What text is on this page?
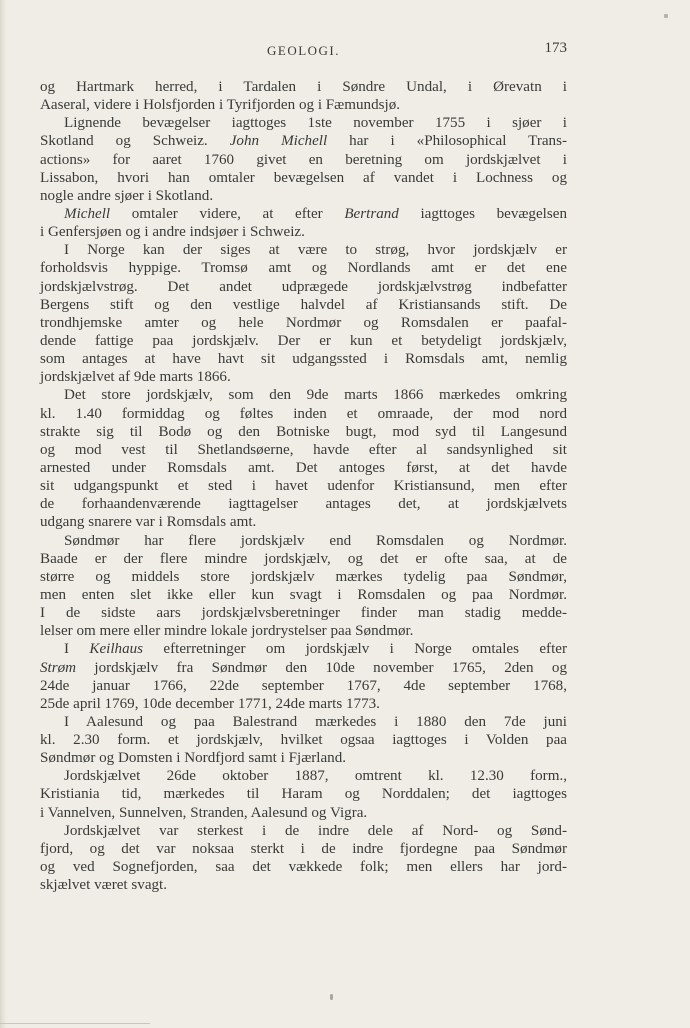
GEOLOGI.	173
og Hartmark herred, i Tardalen i Søndre Undal, i Ørevatn i
Aaseral, videre i Holsfjorden i Tyrifjorden og i Fæmundsjø.
Lignende bevægelser iagttoges 1ste november 1755 i sjøer i
Skotland og Schweiz. John Michell har i «Philosophical Trans-
actions» for aaret 1760 givet en beretning om jordskjælvet i
Lissabon, hvori han omtaler bevægelsen af vandet i Lochness og
nogle andre sjøer i Skotland.
Michell omtaler videre, at efter Bertrand iagttoges bevægelsen
i Genfersjøen og i andre indsjøer i Schweiz.
I Norge kan der siges at være to strøg, hvor jordskjælv er
forholdsvis hyppige. Tromsø amt og Nordlands amt er det ene
jordskjælvstrøg. Det andet udprægede jordskjælvstrøg indbefatter
Bergens stift og den vestlige halvdel af Kristiansands stift. De
trondhjemske amter og hele Nordmør og Romsdalen er paafal-
dende fattige paa jordskjælv. Der er kun et betydeligt jordskjælv,
som antages at have havt sit udgangssted i Romsdals amt, nemlig
jordskjælvet af 9de marts 1866.
Det store jordskjælv, som den 9de marts 1866 mærkedes omkring
kl. 1.40 formiddag og føltes inden et omraade, der mod nord
strakte sig til Bodø og den Botniske bugt, mod syd til Langesund
og mod vest til Shetlandsøerne, havde efter al sandsynlighed sit
arnested under Romsdals amt. Det antoges først, at det havde
sit udgangspunkt et sted i havet udenfor Kristiansund, men efter
de forhaandenværende iagttagelser antages det, at jordskjælvets
udgang snarere var i Romsdals amt.
Søndmør har flere jordskjælv end Romsdalen og Nordmør.
Baade er der flere mindre jordskjælv, og det er ofte saa, at de
større og middels store jordskjælv mærkes tydelig paa Søndmør,
men enten slet ikke eller kun svagt i Romsdalen og paa Nordmør.
I de sidste aars jordskjælvsberetninger finder man stadig medde-
lelser om mere eller mindre lokale jordrystelser paa Søndmør.
I Keilhaus efterretninger om jordskjælv i Norge omtales efter
Strøm jordskjælv fra Søndmør den 10de november 1765, 2den og
24de januar 1766, 22de september 1767, 4de september 1768,
25de april 1769, 10de december 1771, 24de marts 1773.
I Aalesund og paa Balestrand mærkedes i 1880 den 7de juni
kl. 2.30 form. et jordskjælv, hvilket ogsaa iagttoges i Volden paa
Søndmør og Domsten i Nordfjord samt i Fjærland.
Jordskjælvet 26de oktober 1887, omtrent kl. 12.30 form.,
Kristiania tid, mærkedes til Haram og Norddalen; det iagttoges
i Vannelven, Sunnelven, Stranden, Aalesund og Vigra.
Jordskjælvet var sterkest i de indre dele af Nord- og Sønd-
fjord, og det var noksaa sterkt i de indre fjordegne paa Søndmør
og ved Sognefjorden, saa det vækkede folk; men ellers har jord-
skjælvet været svagt.
